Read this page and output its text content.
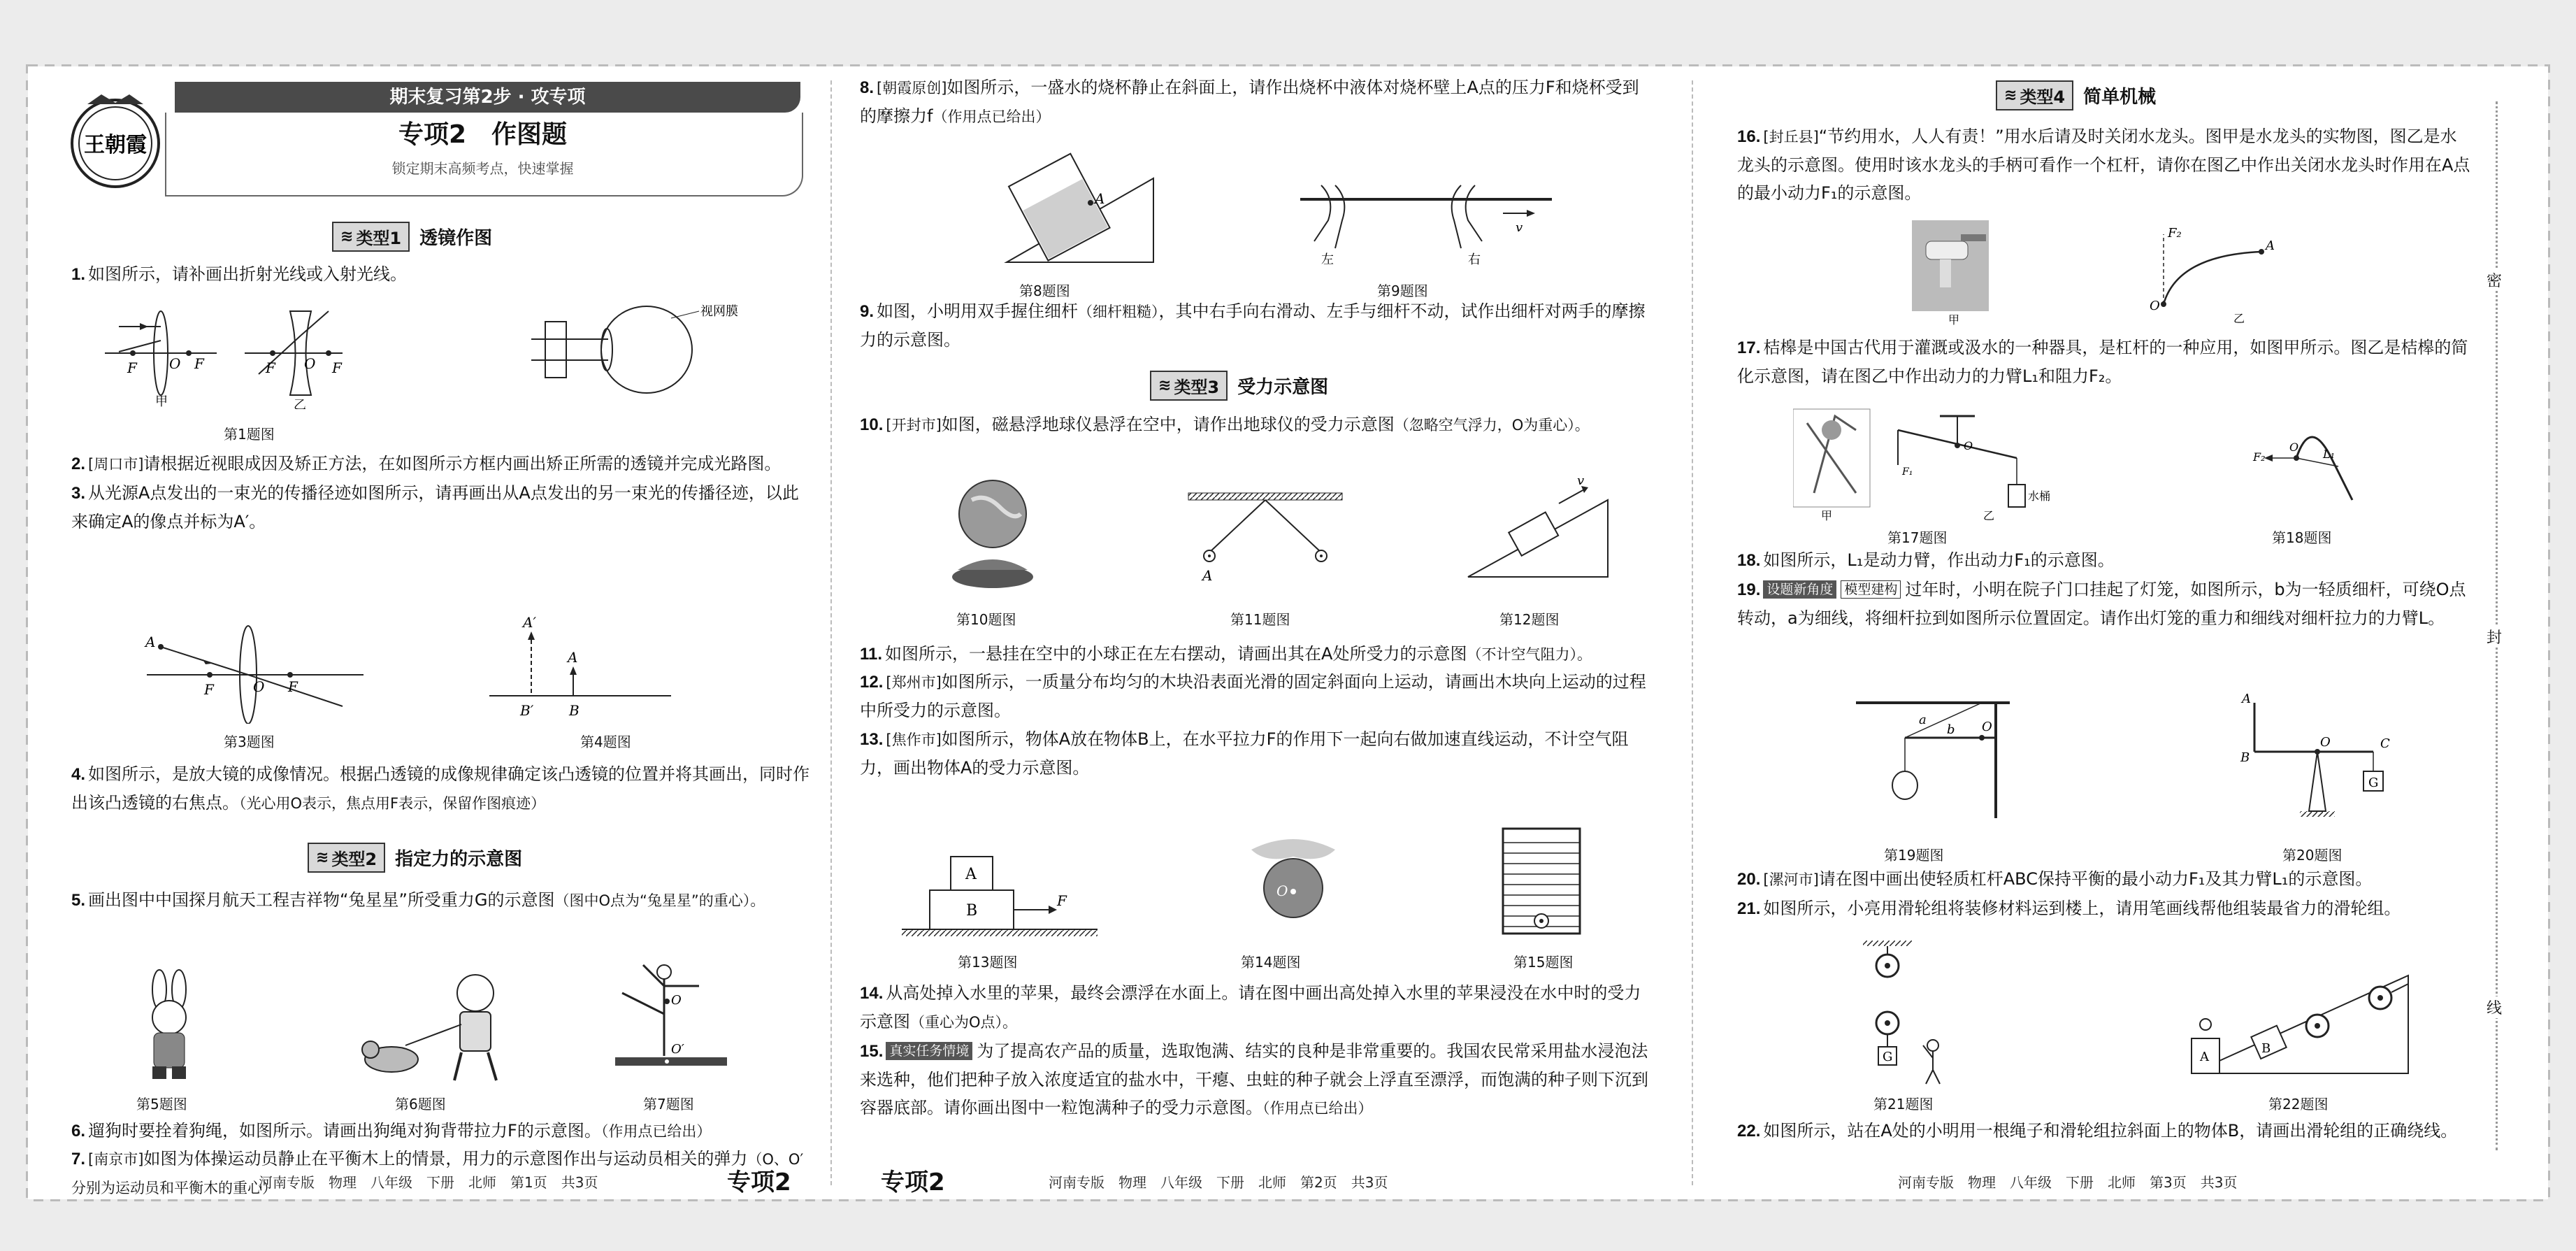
王朝霞
期末复习第2步 · 攻专项
专项2　作图题
锁定期末高频考点，快速掌握
≋ 类型1 透镜作图
1. 如图所示，请补画出折射光线或入射光线。
F O F
甲
F O F
乙
视网膜
第1题图
2. [周口市]请根据近视眼成因及矫正方法，在如图所示方框内画出矫正所需的透镜并完成光路图。
3. 从光源A点发出的一束光的传播径迹如图所示，请再画出从A点发出的另一束光的传播径迹，以此来确定A的像点并标为A′。
A
F	O F
A′
A
B′	B
第3题图	第4题图
4. 如图所示，是放大镜的成像情况。根据凸透镜的成像规律确定该凸透镜的位置并将其画出，同时作出该凸透镜的右焦点。（光心用O表示，焦点用F表示，保留作图痕迹）
≋ 类型2 指定力的示意图
5. 画出图中中国探月航天工程吉祥物“兔星星”所受重力G的示意图（图中O点为“兔星星”的重心）。
O
O′
第5题图	第6题图	第7题图
6. 遛狗时要拴着狗绳，如图所示。请画出狗绳对狗背带拉力F的示意图。（作用点已给出）
7. [南京市]如图为体操运动员静止在平衡木上的情景，用力的示意图作出与运动员相关的弹力（O、O′分别为运动员和平衡木的重心）
8. [朝霞原创]如图所示，一盛水的烧杯静止在斜面上，请作出烧杯中液体对烧杯壁上A点的压力F和烧杯受到的摩擦力f（作用点已给出）
A
v
左	右
第8题图	第9题图
9. 如图，小明用双手握住细杆（细杆粗糙），其中右手向右滑动、左手与细杆不动，试作出细杆对两手的摩擦力的示意图。
≋ 类型3 受力示意图
10. [开封市]如图，磁悬浮地球仪悬浮在空中，请作出地球仪的受力示意图（忽略空气浮力，O为重心）。
A
v
第10题图	第11题图	第12题图
11. 如图所示，一悬挂在空中的小球正在左右摆动，请画出其在A处所受力的示意图（不计空气阻力）。
12. [郑州市]如图所示，一质量分布均匀的木块沿表面光滑的固定斜面向上运动，请画出木块向上运动的过程中所受力的示意图。
13. [焦作市]如图所示，物体A放在物体B上，在水平拉力F的作用下一起向右做加速直线运动，不计空气阻力，画出物体A的受力示意图。
A
B
F
O
第13题图	第14题图	第15题图
14. 从高处掉入水里的苹果，最终会漂浮在水面上。请在图中画出高处掉入水里的苹果浸没在水中时的受力示意图（重心为O点）。
15. 真实任务情境 为了提高农产品的质量，选取饱满、结实的良种是非常重要的。我国农民常采用盐水浸泡法来选种，他们把种子放入浓度适宜的盐水中，干瘪、虫蛀的种子就会上浮直至漂浮，而饱满的种子则下沉到容器底部。请你画出图中一粒饱满种子的受力示意图。（作用点已给出）
≋ 类型4 简单机械
16. [封丘县]“节约用水，人人有责！”用水后请及时关闭水龙头。图甲是水龙头的实物图，图乙是水龙头的示意图。使用时该水龙头的手柄可看作一个杠杆，请你在图乙中作出关闭水龙头时作用在A点的最小动力F₁的示意图。
甲
F₂
A
O
乙
17. 桔槔是中国古代用于灌溉或汲水的一种器具，是杠杆的一种应用，如图甲所示。图乙是桔槔的简化示意图，请在图乙中作出动力的力臂L₁和阻力F₂。
甲
O
F₁
水桶
乙
F₂
O
L₁
第17题图	第18题图
18. 如图所示，L₁是动力臂，作出动力F₁的示意图。
19. 设题新角度 模型建构 过年时，小明在院子门口挂起了灯笼，如图所示，b为一轻质细杆，可绕O点转动，a为细线，将细杆拉到如图所示位置固定。请作出灯笼的重力和细线对细杆拉力的力臂L。
a
b O
G
A
B
O	C
第19题图	第20题图
20. [漯河市]请在图中画出使轻质杠杆ABC保持平衡的最小动力F₁及其力臂L₁的示意图。
21. 如图所示，小亮用滑轮组将装修材料运到楼上，请用笔画线帮他组装最省力的滑轮组。
G	A
B
第21题图	第22题图
22. 如图所示，站在A处的小明用一根绳子和滑轮组拉斜面上的物体B，请画出滑轮组的正确绕线。
密
封
线
河南专版　物理　八年级　下册　北师　第1页　共3页	专项2	专项2	河南专版　物理　八年级　下册　北师　第2页　共3页	河南专版　物理　八年级　下册　北师　第3页　共3页
